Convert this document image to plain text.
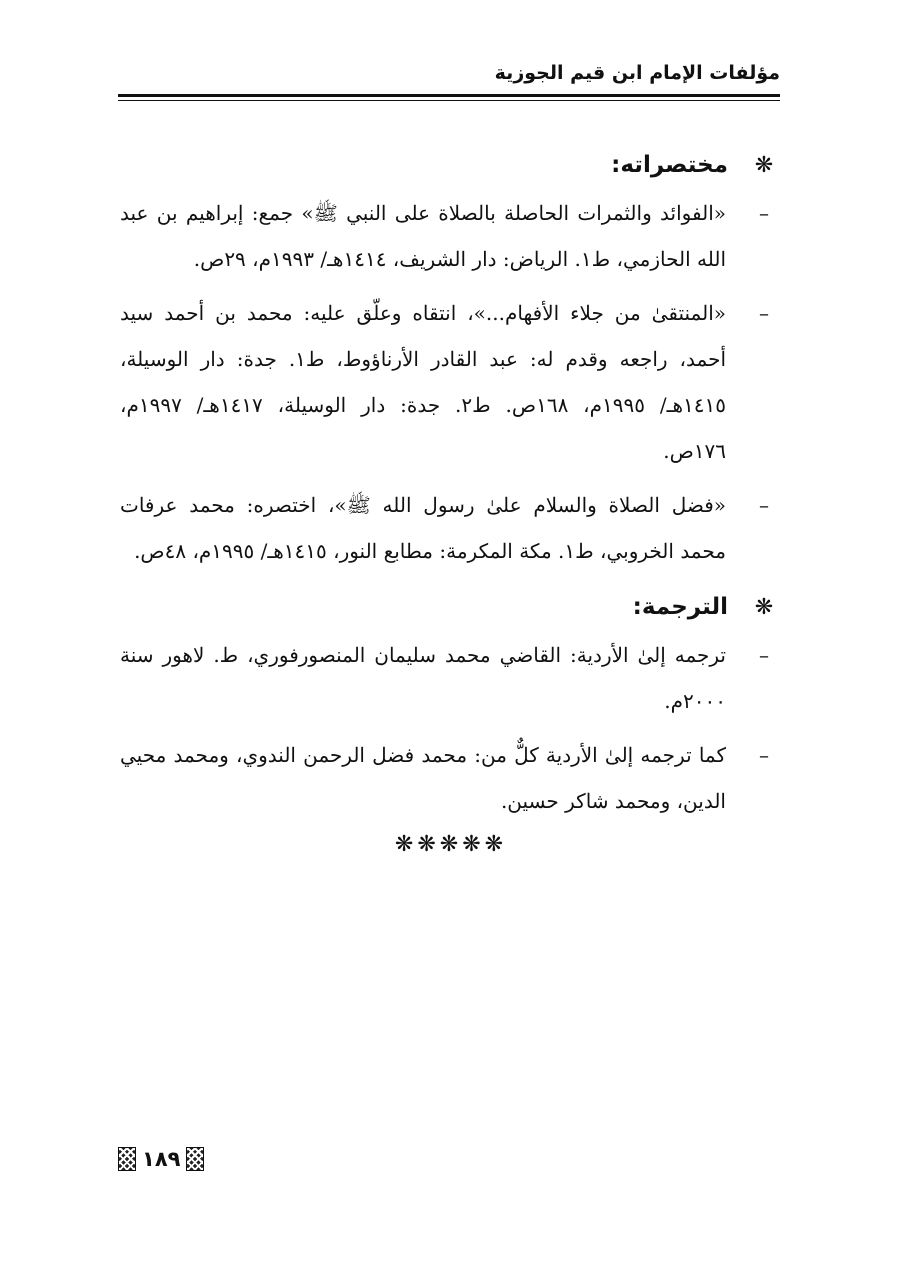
مؤلفات الإمام ابن قيم الجوزية
❋
مختصراته:
–
«الفوائد والثمرات الحاصلة بالصلاة على النبي ﷺ» جمع: إبراهيم بن عبد الله الحازمي، ط١. الرياض: دار الشريف، ١٤١٤هـ/ ١٩٩٣م، ٢٩ص.
–
«المنتقىٰ من جلاء الأفهام...»، انتقاه وعلّق عليه: محمد بن أحمد سيد أحمد، راجعه وقدم له: عبد القادر الأرناؤوط، ط١. جدة: دار الوسيلة، ١٤١٥هـ/ ١٩٩٥م، ١٦٨ص. ط٢. جدة: دار الوسيلة، ١٤١٧هـ/ ١٩٩٧م، ١٧٦ص.
–
«فضل الصلاة والسلام علىٰ رسول الله ﷺ»، اختصره: محمد عرفات محمد الخروبي، ط١. مكة المكرمة: مطابع النور، ١٤١٥هـ/ ١٩٩٥م، ٤٨ص.
❋
الترجمة:
–
ترجمه إلىٰ الأردية: القاضي محمد سليمان المنصورفوري، ط. لاهور سنة ٢٠٠٠م.
–
كما ترجمه إلىٰ الأردية كلٌّ من: محمد فضل الرحمن الندوي، ومحمد محيي الدين، ومحمد شاكر حسين.
❋❋❋❋❋
١٨٩
